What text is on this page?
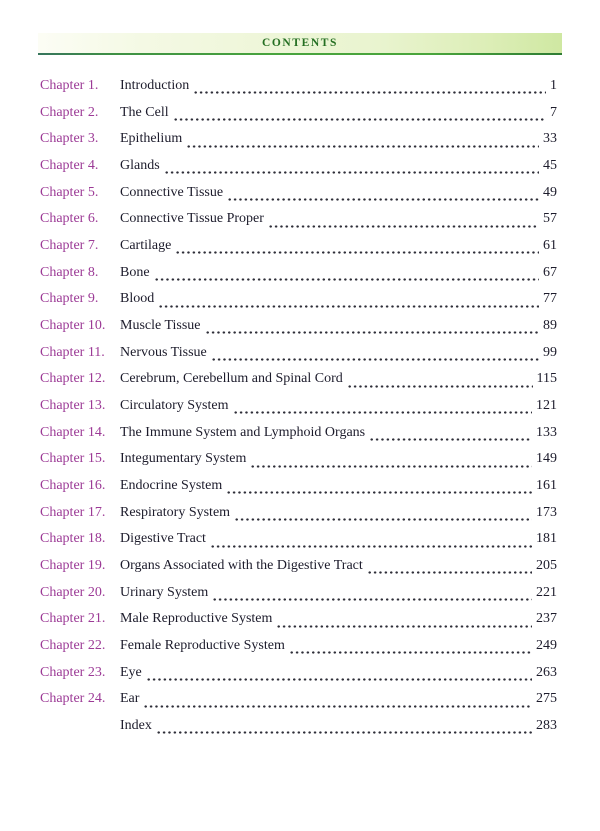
CONTENTS
Chapter 1.	Introduction	1
Chapter 2.	The Cell	7
Chapter 3.	Epithelium	33
Chapter 4.	Glands	45
Chapter 5.	Connective Tissue	49
Chapter 6.	Connective Tissue Proper	57
Chapter 7.	Cartilage	61
Chapter 8.	Bone	67
Chapter 9.	Blood	77
Chapter 10.	Muscle Tissue	89
Chapter 11.	Nervous Tissue	99
Chapter 12.	Cerebrum, Cerebellum and Spinal Cord	115
Chapter 13.	Circulatory System	121
Chapter 14.	The Immune System and Lymphoid Organs	133
Chapter 15.	Integumentary System	149
Chapter 16.	Endocrine System	161
Chapter 17.	Respiratory System	173
Chapter 18.	Digestive Tract	181
Chapter 19.	Organs Associated with the Digestive Tract	205
Chapter 20.	Urinary System	221
Chapter 21.	Male Reproductive System	237
Chapter 22.	Female Reproductive System	249
Chapter 23.	Eye	263
Chapter 24.	Ear	275
Index	283
